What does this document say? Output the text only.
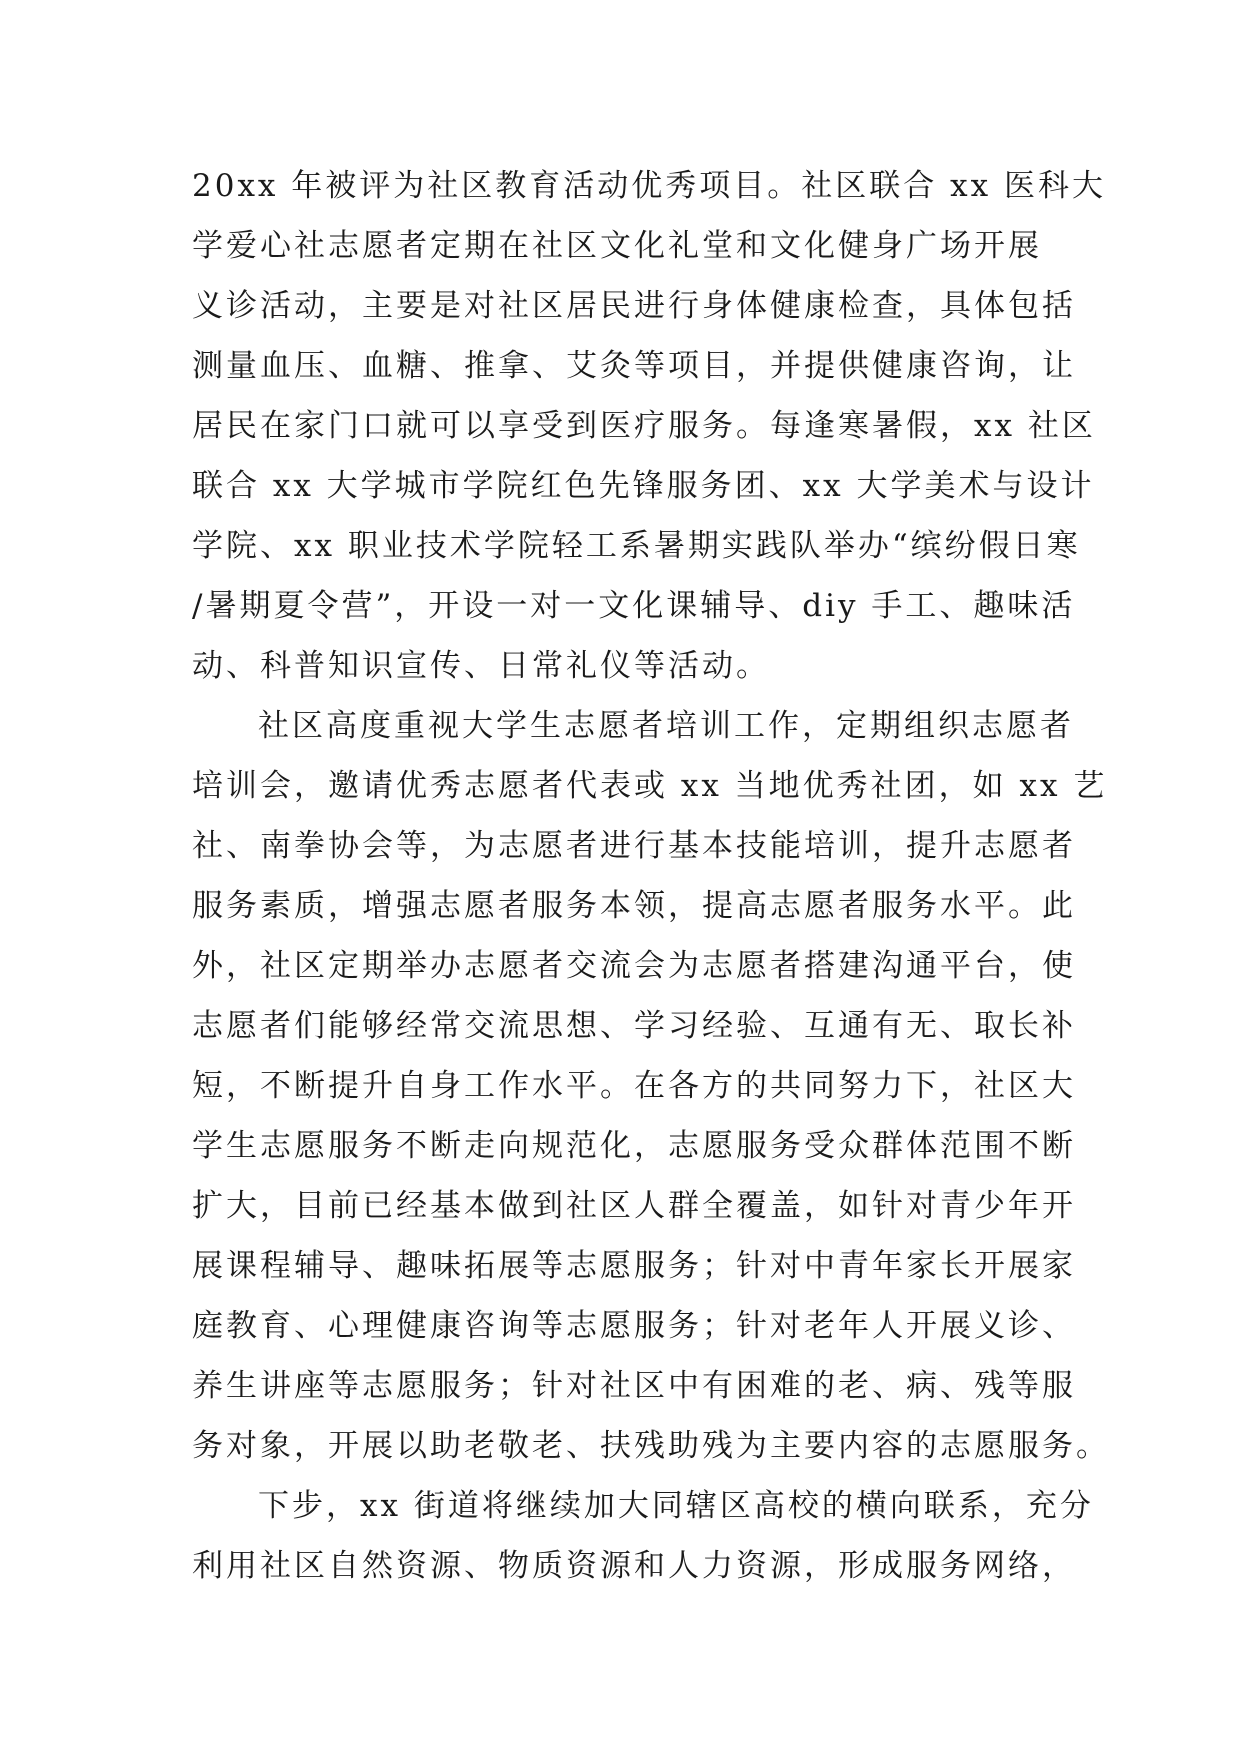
20xx 年被评为社区教育活动优秀项目。社区联合 xx 医科大
学爱心社志愿者定期在社区文化礼堂和文化健身广场开展
义诊活动，主要是对社区居民进行身体健康检查，具体包括
测量血压、血糖、推拿、艾灸等项目，并提供健康咨询，让
居民在家门口就可以享受到医疗服务。每逢寒暑假，xx 社区
联合 xx 大学城市学院红色先锋服务团、xx 大学美术与设计
学院、xx 职业技术学院轻工系暑期实践队举办“缤纷假日寒
/暑期夏令营”，开设一对一文化课辅导、diy 手工、趣味活
动、科普知识宣传、日常礼仪等活动。
社区高度重视大学生志愿者培训工作，定期组织志愿者
培训会，邀请优秀志愿者代表或 xx 当地优秀社团，如 xx 艺
社、南拳协会等，为志愿者进行基本技能培训，提升志愿者
服务素质，增强志愿者服务本领，提高志愿者服务水平。此
外，社区定期举办志愿者交流会为志愿者搭建沟通平台，使
志愿者们能够经常交流思想、学习经验、互通有无、取长补
短，不断提升自身工作水平。在各方的共同努力下，社区大
学生志愿服务不断走向规范化，志愿服务受众群体范围不断
扩大，目前已经基本做到社区人群全覆盖，如针对青少年开
展课程辅导、趣味拓展等志愿服务；针对中青年家长开展家
庭教育、心理健康咨询等志愿服务；针对老年人开展义诊、
养生讲座等志愿服务；针对社区中有困难的老、病、残等服
务对象，开展以助老敬老、扶残助残为主要内容的志愿服务。
下步，xx 街道将继续加大同辖区高校的横向联系，充分
利用社区自然资源、物质资源和人力资源，形成服务网络，
